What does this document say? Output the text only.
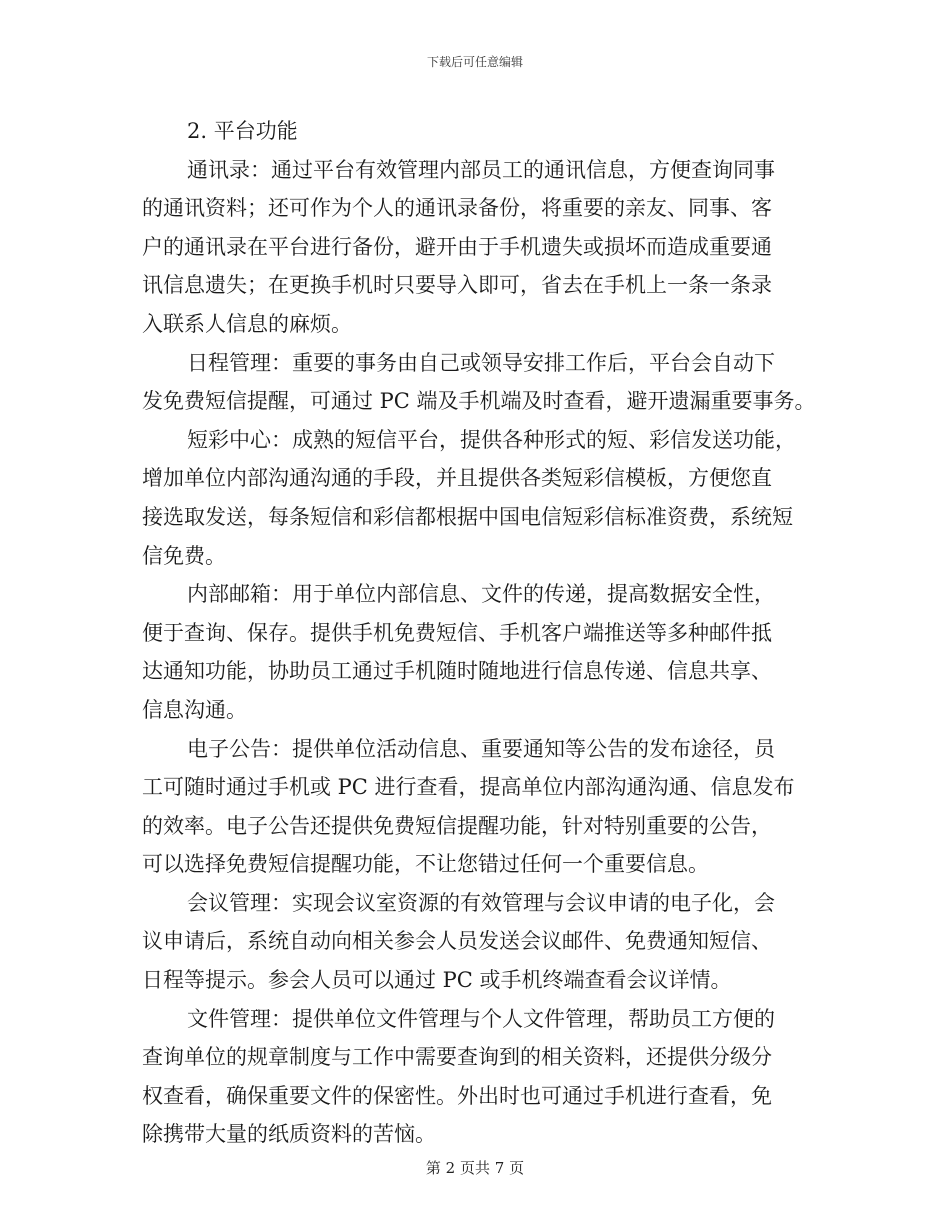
下载后可任意编辑
2. 平台功能
通讯录：通过平台有效管理内部员工的通讯信息，方便查询同事
的通讯资料；还可作为个人的通讯录备份，将重要的亲友、同事、客
户的通讯录在平台进行备份，避开由于手机遗失或损坏而造成重要通
讯信息遗失；在更换手机时只要导入即可，省去在手机上一条一条录
入联系人信息的麻烦。
日程管理：重要的事务由自己或领导安排工作后，平台会自动下
发免费短信提醒，可通过 PC 端及手机端及时查看，避开遗漏重要事务。
短彩中心：成熟的短信平台，提供各种形式的短、彩信发送功能，
增加单位内部沟通沟通的手段，并且提供各类短彩信模板，方便您直
接选取发送，每条短信和彩信都根据中国电信短彩信标准资费，系统短
信免费。
内部邮箱：用于单位内部信息、文件的传递，提高数据安全性，
便于查询、保存。提供手机免费短信、手机客户端推送等多种邮件抵
达通知功能，协助员工通过手机随时随地进行信息传递、信息共享、
信息沟通。
电子公告：提供单位活动信息、重要通知等公告的发布途径，员
工可随时通过手机或 PC 进行查看，提高单位内部沟通沟通、信息发布
的效率。电子公告还提供免费短信提醒功能，针对特别重要的公告，
可以选择免费短信提醒功能，不让您错过任何一个重要信息。
会议管理：实现会议室资源的有效管理与会议申请的电子化，会
议申请后，系统自动向相关参会人员发送会议邮件、免费通知短信、
日程等提示。参会人员可以通过 PC 或手机终端查看会议详情。
文件管理：提供单位文件管理与个人文件管理，帮助员工方便的
查询单位的规章制度与工作中需要查询到的相关资料，还提供分级分
权查看，确保重要文件的保密性。外出时也可通过手机进行查看，免
除携带大量的纸质资料的苦恼。
第 2 页共 7 页
